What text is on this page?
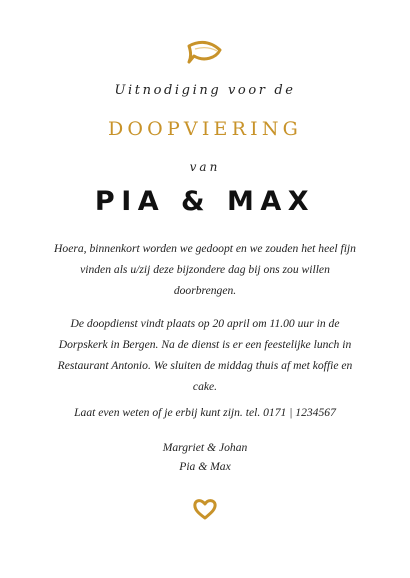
Uitnodiging voor de
DOOPVIERING
van
PIA & MAX
Hoera, binnenkort worden we gedoopt en we zouden het heel fijn vinden als u/zij deze bijzondere dag bij ons zou willen doorbrengen.
De doopdienst vindt plaats op 20 april om 11.00 uur in de Dorpskerk in Bergen. Na de dienst is er een feestelijke lunch in Restaurant Antonio. We sluiten de middag thuis af met koffie en cake.
Laat even weten of je erbij kunt zijn. tel. 0171 | 1234567
Margriet & Johan
Pia & Max
